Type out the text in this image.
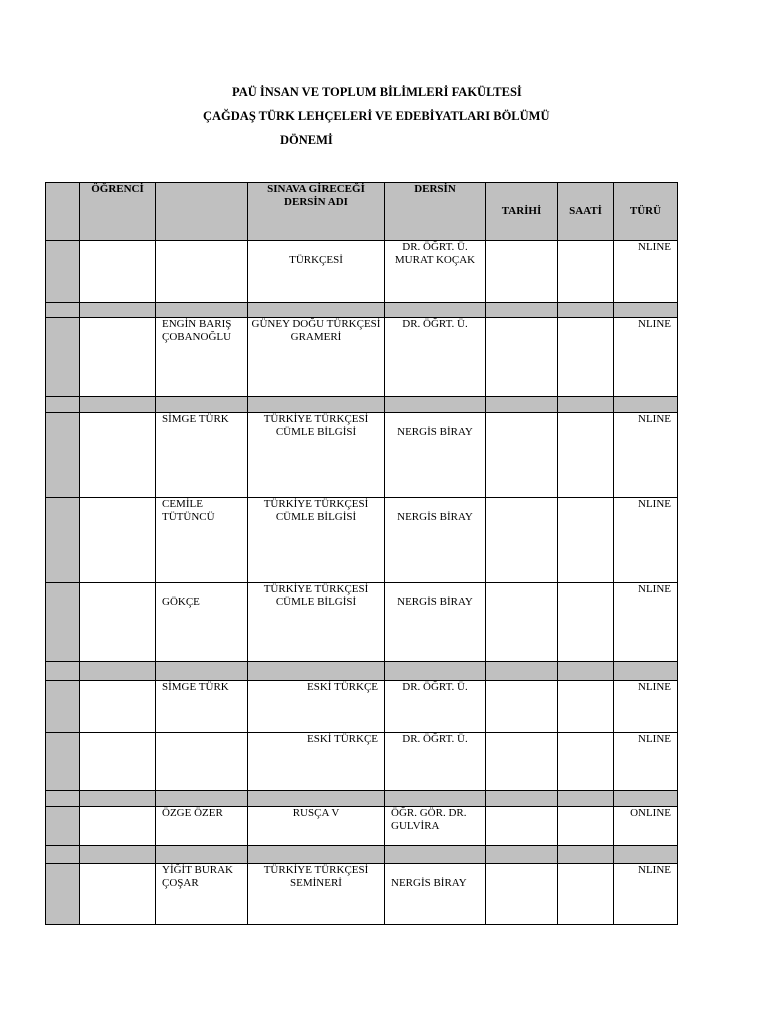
PAÜ İNSAN VE TOPLUM BİLİMLERİ FAKÜLTESİ
ÇAĞDAŞ TÜRK LEHÇELERİ VE EDEBİYATLARI BÖLÜMÜ
DÖNEMİ
	ÖĞRENCİ		SINAVA GİRECEĞİ DERSİN ADI	DERSİN	TARİHİ	SAATİ	TÜRÜ
			TÜRKÇESİ	DR. ÖĞRT. Ü. MURAT KOÇAK			NLINE

		ENGİN BARIŞ ÇOBANOĞLU	GÜNEY DOĞU TÜRKÇESİ GRAMERİ	DR. ÖĞRT. Ü.			NLINE

		SİMGE TÜRK	TÜRKİYE TÜRKÇESİ CÜMLE BİLGİSİ	NERGİS BİRAY			NLINE
		CEMİLE TÜTÜNCÜ	TÜRKİYE TÜRKÇESİ CÜMLE BİLGİSİ	NERGİS BİRAY			NLINE
		GÖKÇE	TÜRKİYE TÜRKÇESİ CÜMLE BİLGİSİ	NERGİS BİRAY			NLINE

		SİMGE TÜRK	ESKİ TÜRKÇE	DR. ÖĞRT. Ü.			NLINE
			ESKİ TÜRKÇE	DR. ÖĞRT. Ü.			NLINE

		ÖZGE ÖZER	RUSÇA V	ÖĞR. GÖR. DR. GULVİRA			ONLINE

		YİĞİT BURAK ÇOŞAR	TÜRKİYE TÜRKÇESİ SEMİNERİ	NERGİS BİRAY			NLINE
